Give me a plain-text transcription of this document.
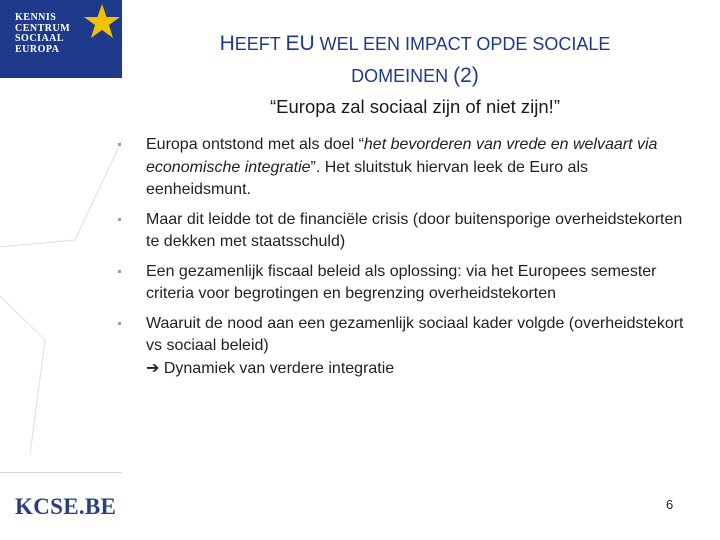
KENNIS
CENTRUM
SOCIAAL
EUROPA
KCSE.BE
HEEFT EU WEL EEN IMPACT OPDE SOCIALE
DOMEINEN (2)
“Europa zal sociaal zijn of niet zijn!”
Europa ontstond met als doel “het bevorderen van vrede en welvaart via economische integratie”. Het sluitstuk hiervan leek de Euro als eenheidsmunt.
Maar dit leidde tot de financiële crisis (door buitensporige overheidstekorten te dekken met staatsschuld)
Een gezamenlijk fiscaal beleid als oplossing: via het Europees semester criteria voor begrotingen en begrenzing overheidstekorten
Waaruit de nood aan een gezamenlijk sociaal kader volgde (overheidstekort vs sociaal beleid)
➔ Dynamiek van verdere integratie
6
